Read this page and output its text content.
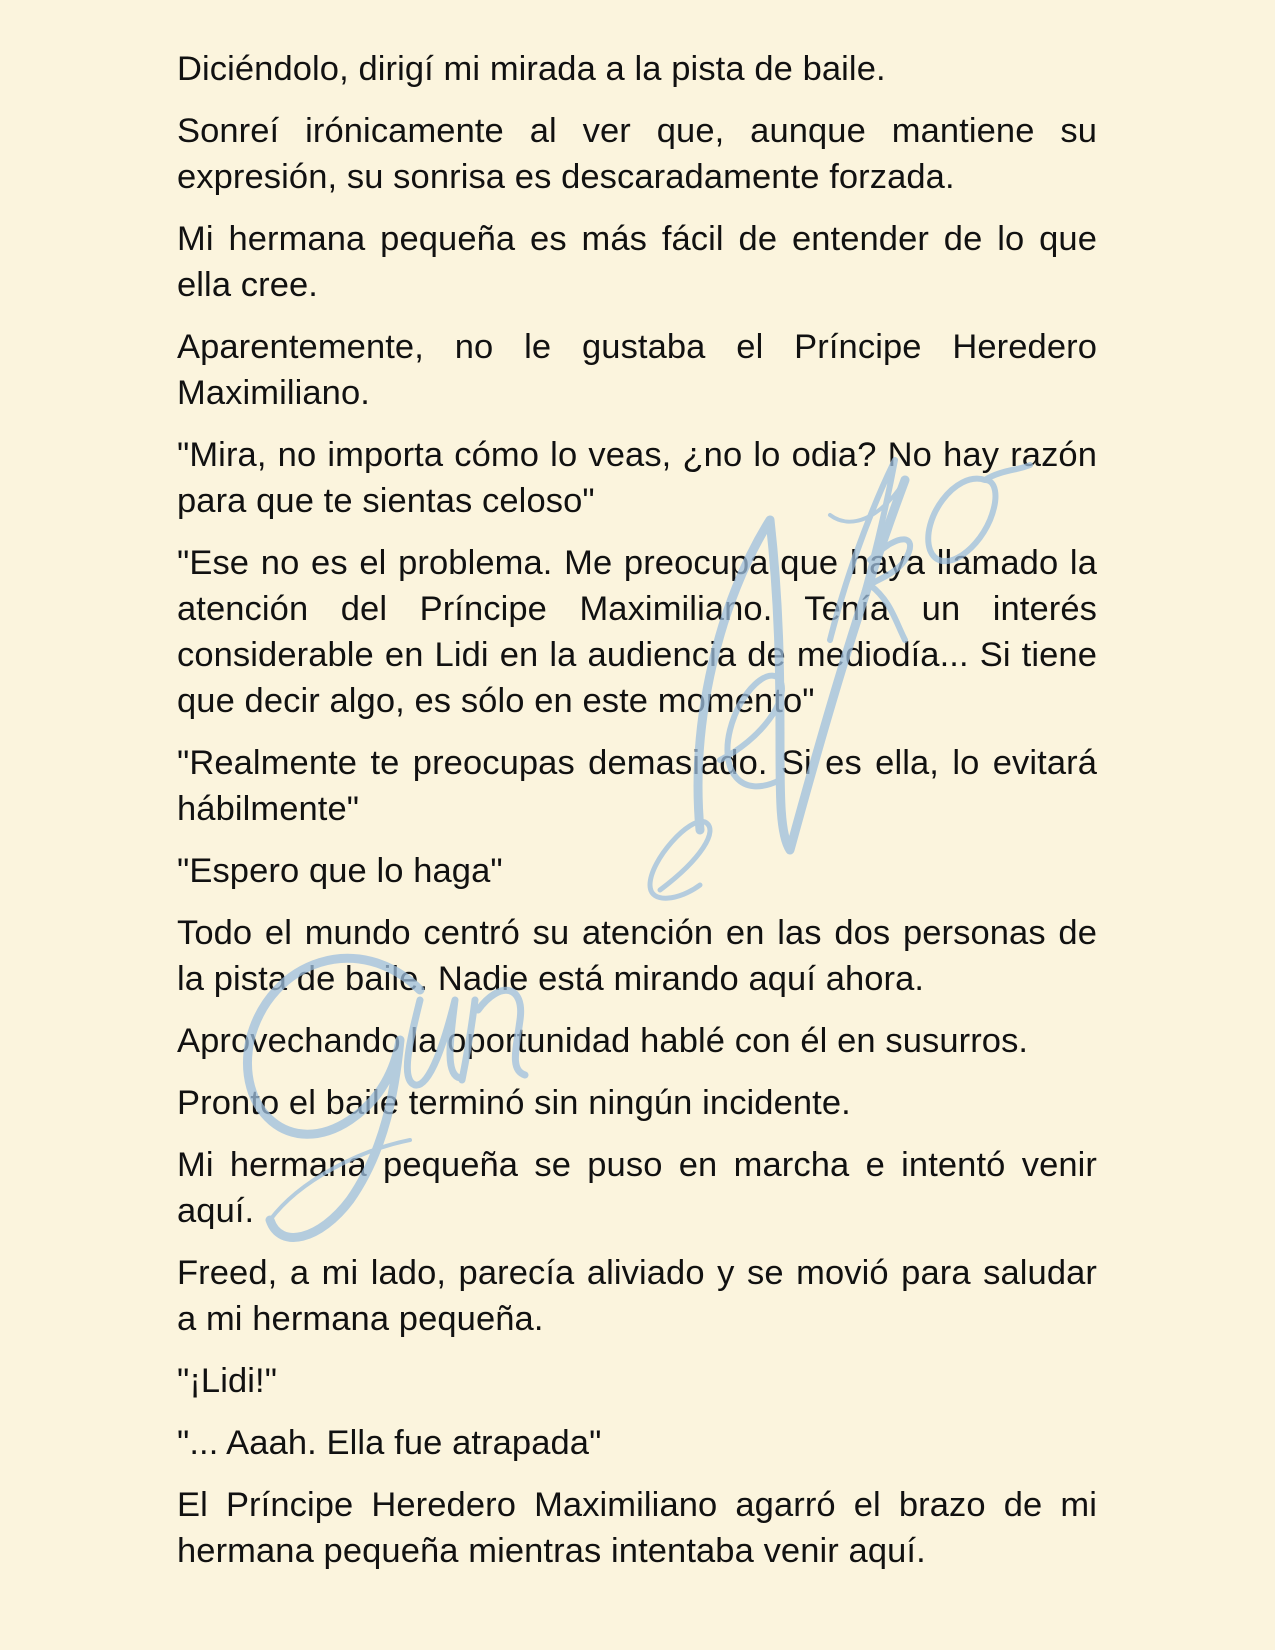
Diciéndolo, dirigí mi mirada a la pista de baile.

Sonreí irónicamente al ver que, aunque mantiene su expresión, su sonrisa es descaradamente forzada.

Mi hermana pequeña es más fácil de entender de lo que ella cree.

Aparentemente, no le gustaba el Príncipe Heredero Maximiliano.

"Mira, no importa cómo lo veas, ¿no lo odia? No hay razón para que te sientas celoso"

"Ese no es el problema. Me preocupa que haya llamado la atención del Príncipe Maximiliano. Tenía un interés considerable en Lidi en la audiencia de mediodía... Si tiene que decir algo, es sólo en este momento"

"Realmente te preocupas demasiado. Si es ella, lo evitará hábilmente"

"Espero que lo haga"

Todo el mundo centró su atención en las dos personas de la pista de baile. Nadie está mirando aquí ahora.

Aprovechando la oportunidad hablé con él en susurros.

Pronto el baile terminó sin ningún incidente.

Mi hermana pequeña se puso en marcha e intentó venir aquí.

Freed, a mi lado, parecía aliviado y se movió para saludar a mi hermana pequeña.

"¡Lidi!"

"... Aaah. Ella fue atrapada"

El Príncipe Heredero Maximiliano agarró el brazo de mi hermana pequeña mientras intentaba venir aquí.
